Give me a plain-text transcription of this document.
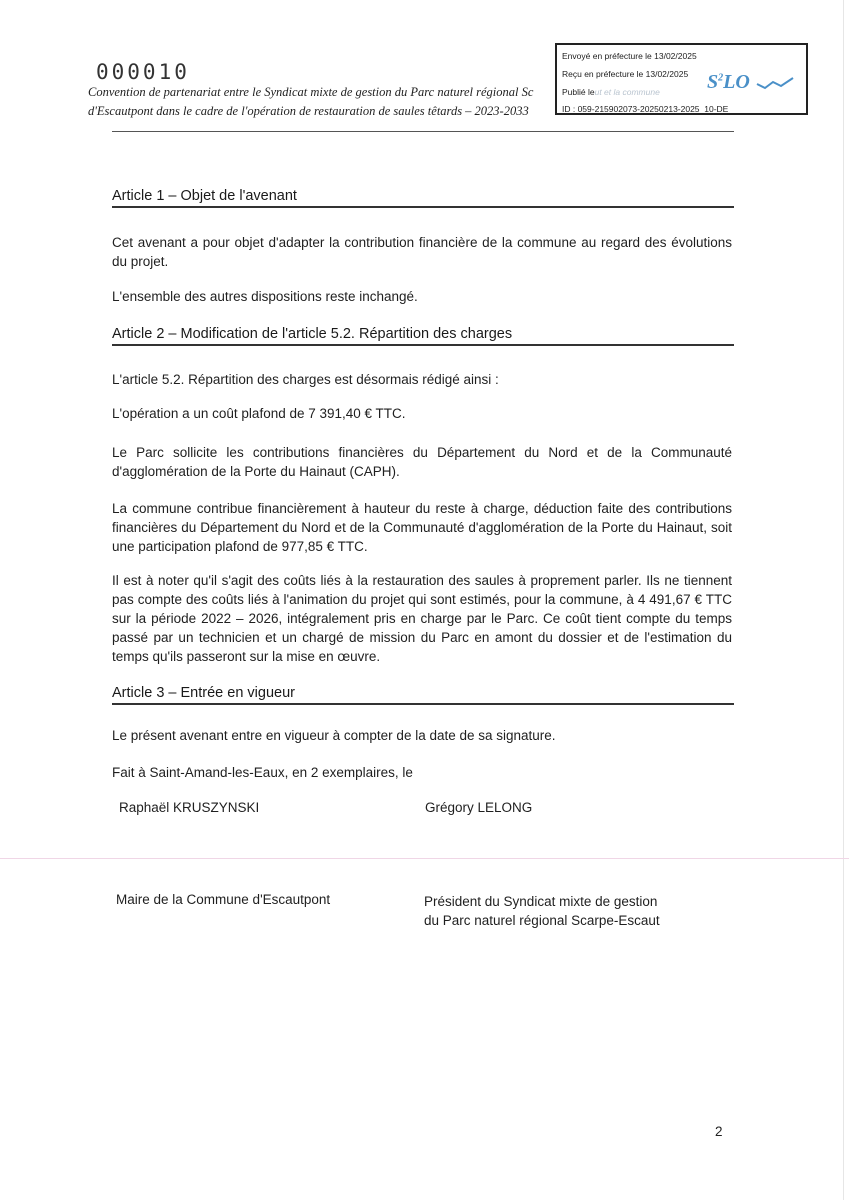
000010
Convention de partenariat entre le Syndicat mixte de gestion du Parc naturel régional Sc
d'Escautpont dans le cadre de l'opération de restauration de saules têtards – 2023-2033
Envoyé en préfecture le 13/02/2025
Reçu en préfecture le 13/02/2025
Publié leut et la commune
ID : 059-215902073-20250213-2025_10-DE
$S^2LO$
Article 1 – Objet de l'avenant
Cet avenant a pour objet d'adapter la contribution financière de la commune au regard des évolutions du projet.
L'ensemble des autres dispositions reste inchangé.
Article 2 – Modification de l'article 5.2. Répartition des charges
L'article 5.2. Répartition des charges est désormais rédigé ainsi :
L'opération a un coût plafond de 7 391,40 € TTC.
Le Parc sollicite les contributions financières du Département du Nord et de la Communauté d'agglomération de la Porte du Hainaut (CAPH).
La commune contribue financièrement à hauteur du reste à charge, déduction faite des contributions financières du Département du Nord et de la Communauté d'agglomération de la Porte du Hainaut, soit une participation plafond de 977,85 € TTC.
Il est à noter qu'il s'agit des coûts liés à la restauration des saules à proprement parler. Ils ne tiennent pas compte des coûts liés à l'animation du projet qui sont estimés, pour la commune, à 4 491,67 € TTC sur la période 2022 – 2026, intégralement pris en charge par le Parc. Ce coût tient compte du temps passé par un technicien et un chargé de mission du Parc en amont du dossier et de l'estimation du temps qu'ils passeront sur la mise en œuvre.
Article 3 – Entrée en vigueur
Le présent avenant entre en vigueur à compter de la date de sa signature.
Fait à Saint-Amand-les-Eaux, en 2 exemplaires, le
Raphaël KRUSZYNSKI	Grégory LELONG
Maire de la Commune d'Escautpont	Président du Syndicat mixte de gestion
du Parc naturel régional Scarpe-Escaut
2
